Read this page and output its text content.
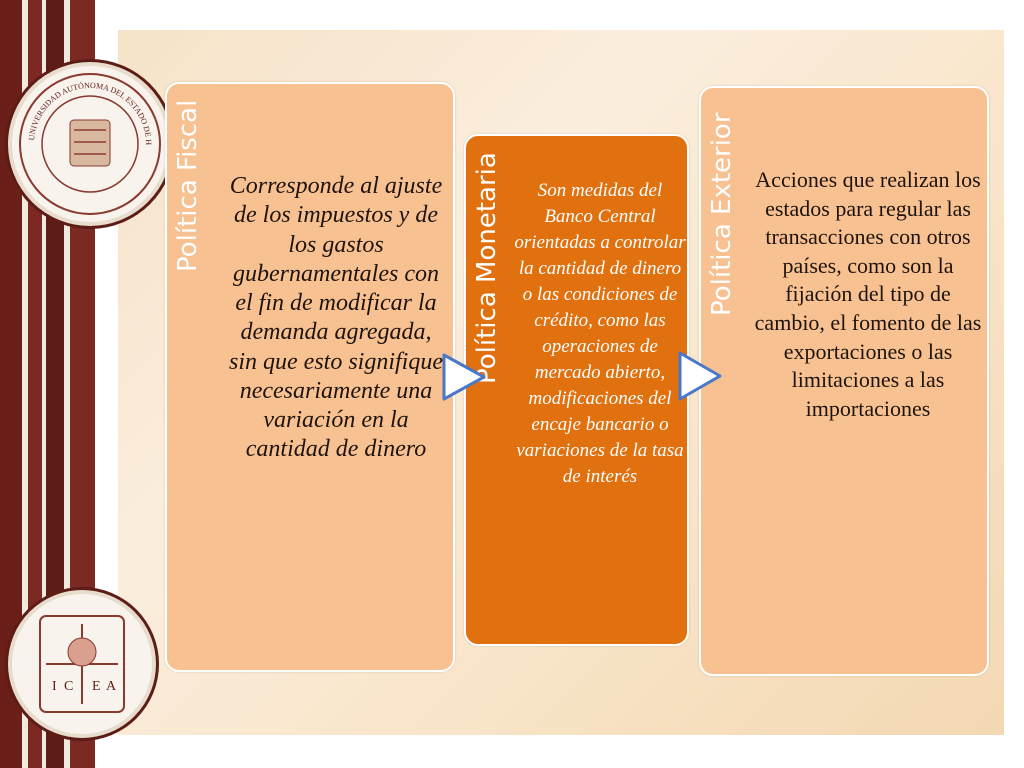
UNIVERSIDAD AUTÓNOMA DEL ESTADO DE H
I C E A
Política Fiscal Corresponde al ajuste de los impuestos y de los gastos gubernamentales con el fin de modificar la demanda agregada, sin que esto signifique necesariamente una variación en la cantidad de dinero
Política Monetaria	Son medidas del Banco Central orientadas a controlar la cantidad de dinero o las condiciones de crédito, como las operaciones de mercado abierto, modificaciones del encaje bancario o variaciones de la tasa de interés
Política Exterior Acciones que realizan los estados para regular las transacciones con otros países, como son la fijación del tipo de cambio, el fomento de las exportaciones o las limitaciones a las importaciones
